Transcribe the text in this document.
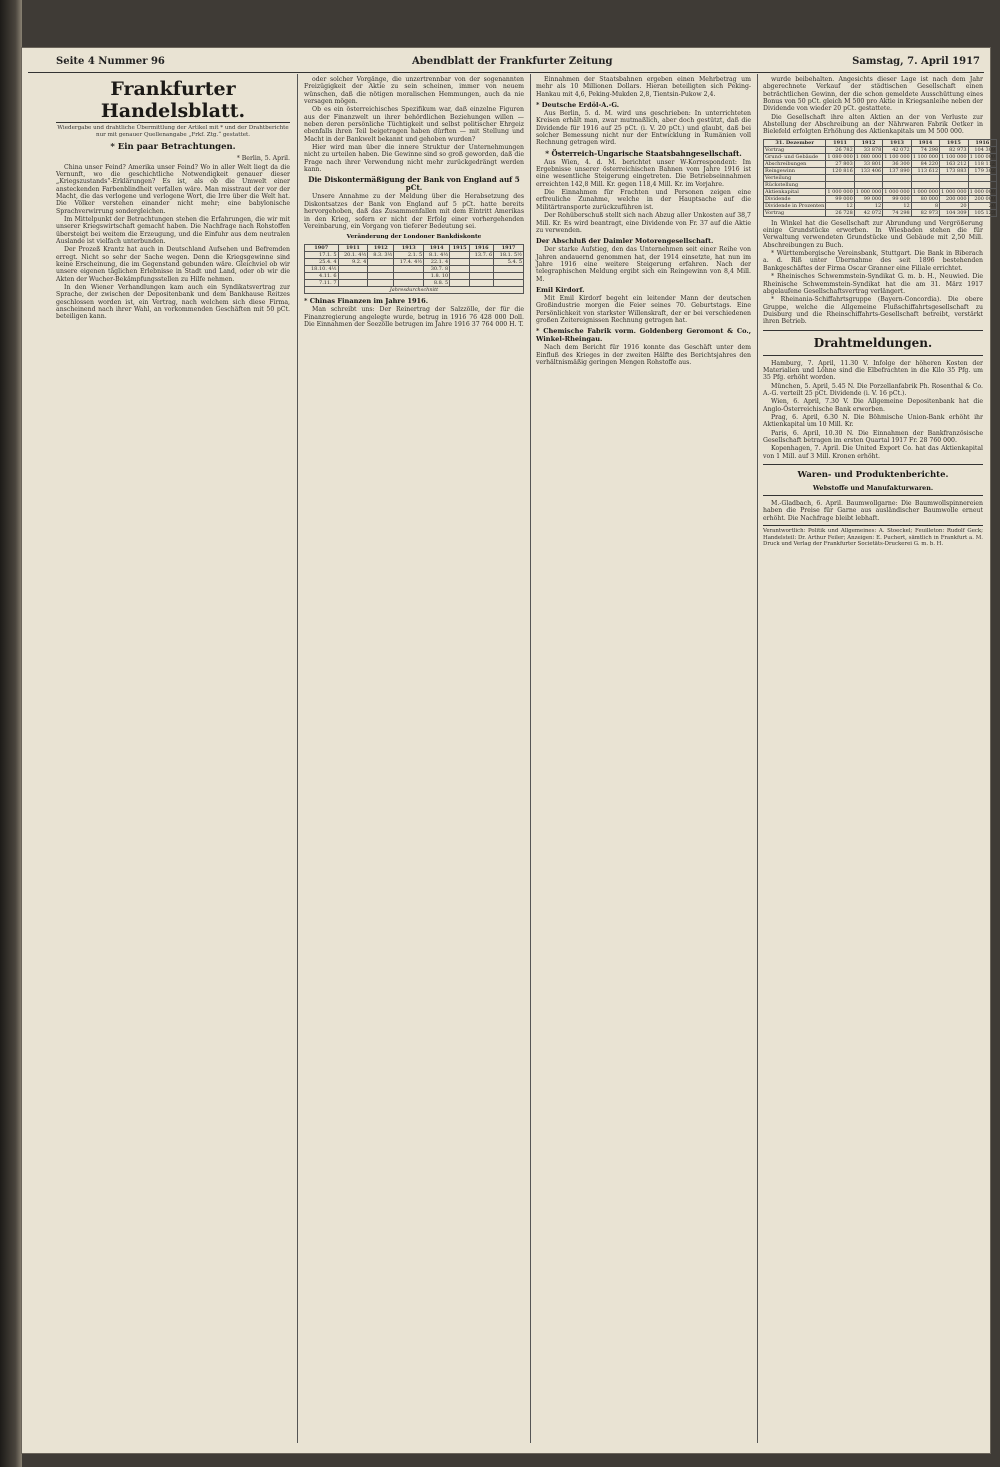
Seite 4 Nummer 96	Abendblatt der Frankfurter Zeitung	Samstag, 7. April 1917
Frankfurter Handelsblatt.
Wiedergabe und drahtliche Übermittlung der Artikel mit * und der Drahtberichte nur mit genauer Quellenangabe „Frkf. Ztg.“ gestattet.
* Ein paar Betrachtungen.
* Berlin, 5. April.

China unser Feind? Amerika unser Feind? Wo in aller Welt liegt da die Vernunft, wo die geschichtliche Notwendigkeit genauer dieser „Kriegszustands“-Erklärungen? Es ist, als ob die Umwelt einer ansteckenden Farbenblindheit verfallen wäre. Man misstraut der vor der Macht, die das verlogene und verlogene Wort, die Irre über die Welt hat. Die Völker verstehen einander nicht mehr; eine babylonische Sprachverwirrung sondergleichen.

Im Mittelpunkt der Betrachtungen stehen die Erfahrungen, die wir mit unserer Kriegswirtschaft gemacht haben. Die Nachfrage nach Rohstoffen übersteigt bei weitem die Erzeugung, und die Einfuhr aus dem neutralen Auslande ist vielfach unterbunden.

Der Prozeß Krantz hat auch in Deutschland Aufsehen und Befremden erregt. Nicht so sehr der Sache wegen. Denn die Kriegsgewinne sind keine Erscheinung, die im Gegenstand gebunden wäre. Gleichviel ob wir unsere eigenen täglichen Erlebnisse in Stadt und Land, oder ob wir die Akten der Wucher-Bekämpfungsstellen zu Hilfe nehmen.

In den Wiener Verhandlungen kam auch ein Syndikatsvertrag zur Sprache, der zwischen der Depositenbank und dem Bankhause Reitzes geschlossen worden ist, ein Vertrag, nach welchem sich diese Firma, anscheinend nach ihrer Wahl, an vorkommenden Geschäften mit 50 pCt. beteiligen kann.

oder solcher Vorgänge, die unzertrennbar von der sogenannten Freizügigkeit der Aktie zu sein scheinen, immer von neuem wünschen, daß die nötigen moralischen Hemmungen, auch da nie versagen mögen.

Ob es ein österreichisches Spezifikum war, daß einzelne Figuren aus der Finanzwelt un ihrer behördlichen Beziehungen willen — neben deren persönliche Tüchtigkeit und selbst politischer Ehrgeiz ebenfalls ihren Teil beigetragen haben dürften — mit Stellung und Macht in der Bankwelt bekannt und gehoben wurden?

Hier wird man über die innere Struktur der Unternehmungen nicht zu urteilen haben. Die Gewinne sind so groß geworden, daß die Frage nach ihrer Verwendung nicht mehr zurückgedrängt werden kann.

Die Diskontermäßigung der Bank von England auf 5 pCt.

Unsere Annahme zu der Meldung über die Herabsetzung des Diskontsatzes der Bank von England auf 5 pCt. hatte bereits hervorgehoben, daß das Zusammenfallen mit dem Eintritt Amerikas in den Krieg, sofern er nicht der Erfolg einer vorhergehenden Vereinbarung, ein Vorgang von tieferer Bedeutung sei.

Veränderung der Londoner Bankdiskonte
1907	1911	1912	1913	1914	1915	1916	1917
17.1. 5	20.1. 4½	8.3. 3½	2.1. 5	8.1. 4½		13.7. 6	18.1. 5½
25.4. 4	9.2. 4		17.4. 4½	22.1. 4			5.4. 5
18.10. 4½				30.7. 8			
4.11. 6				1.8. 10			
7.11. 7				8.8. 5			
Jahresdurchschnitt							
* Chinas Finanzen im Jahre 1916.

Man schreibt uns: Der Reinertrag der Salzzölle, der für die Finanzregierung angelegte wurde, betrug in 1916 76 428 000 Doll. Die Einnahmen der Seezölle betrugen im Jahre 1916 37 764 000 H. T.

Einnahmen der Staatsbahnen ergeben einen Mehrbetrag um mehr als 10 Millionen Dollars. Hieran beteiligten sich Peking-Hankau mit 4,6, Peking-Mukden 2,8, Tientsin-Pukow 2,4.

* Deutsche Erdöl-A.-G.

Aus Berlin, 5. d. M. wird uns geschrieben: In unterrichteten Kreisen erhält man, zwar mutmaßlich, aber doch gestützt, daß die Dividende für 1916 auf 25 pCt. (i. V. 20 pCt.) und glaubt, daß bei solcher Bemessung nicht nur der Entwicklung in Rumänien voll Rechnung getragen wird.

* Österreich-Ungarische Staatsbahngesellschaft.

Aus Wien, 4. d. M. berichtet unser W-Korrespondent: Im Ergebnisse unserer österreichischen Bahnen vom Jahre 1916 ist eine wesentliche Steigerung eingetreten. Die Betriebseinnahmen erreichten 142,8 Mill. Kr. gegen 118,4 Mill. Kr. im Vorjahre.

Die Einnahmen für Frachten und Personen zeigen eine erfreuliche Zunahme, welche in der Hauptsache auf die Militärtransporte zurückzuführen ist.

Der Rohüberschuß stellt sich nach Abzug aller Unkosten auf 38,7 Mill. Kr. Es wird beantragt, eine Dividende von Fr. 37 auf die Aktie zu verwenden.

Der Abschluß der Daimler Motorengesellschaft.

Der starke Aufstieg, den das Unternehmen seit einer Reihe von Jahren andauernd genommen hat, der 1914 einsetzte, hat nun im Jahre 1916 eine weitere Steigerung erfahren. Nach der telegraphischen Meldung ergibt sich ein Reingewinn von 8,4 Mill. M.

Emil Kirdorf.

Mit Emil Kirdorf begeht ein leitender Mann der deutschen Großindustrie morgen die Feier seines 70. Geburtstags. Eine Persönlichkeit von starkster Willenskraft, der er bei verschiedenen großen Zeitereignissen Rechnung getragen hat.

* Chemische Fabrik vorm. Goldenberg Geromont & Co., Winkel-Rheingau.

Nach dem Bericht für 1916 konnte das Geschäft unter dem Einfluß des Krieges in der zweiten Hälfte des Berichtsjahres den verhältnismäßig geringen Mengen Rohstoffe aus.

wurde beibehalten. Angesichts dieser Lage ist nach dem Jahr abgerechnete Verkauf der städtischen Gesellschaft einen beträchtlichen Gewinn, der die schon gemeldete Ausschüttung eines Bonus von 50 pCt. gleich M 500 pro Aktie in Kriegsanleihe neben der Dividende von wieder 20 pCt. gestattete.

Die Gesellschaft ihre alten Aktien an der von Verluste zur Abstellung der Abschreibung an der Nährwaren Fabrik Oetker in Bielefeld erfolgten Erhöhung des Aktienkapitals um M 500 000.

31. Dezember	1911	1912	1913	1914	1915	1916
Vortrag	26 782	33 878	42 072	74 298	82 973	104 309
Grund- und Gebäude	1 080 000	1 080 000	1 100 000	1 100 000	1 100 000	1 100 000
Abschreibungen	27 803	33 801	36 300	84 220	163 212	118 112
Reingewinn	120 816	133 406	137 890	113 612	173 883	179 302
Verteilung						
Rückstellung						
Aktienkapital	1 000 000	1 000 000	1 000 000	1 000 000	1 000 000	1 000 000
Dividende	99 000	99 000	99 000	80 000	200 000	200 000
Dividende in Prozenten	12	12	12	8	20	20
Vortrag	26 728	42 072	74 298	82 973	104 309	105 123

In Winkel hat die Gesellschaft zur Abrundung und Vergrößerung einige Grundstücke erworben. In Wiesbaden stehen die für Verwaltung verwendeten Grundstücke und Gebäude mit 2,50 Mill. Abschreibungen zu Buch.

* Württembergische Vereinsbank, Stuttgart. Die Bank in Biberach a. d. Riß unter Übernahme des seit 1896 bestehenden Bankgeschäftes der Firma Oscar Granner eine Filiale errichtet.

* Rheinisches Schwemmstein-Syndikat G. m. b. H., Neuwied. Die Rheinische Schwemmstein-Syndikat hat die am 31. März 1917 abgelaufene Gesellschaftsvertrag verlängert.

* Rheinania-Schiffahrtsgruppe (Bayern-Concordia). Die obere Gruppe, welche die Allgemeine Flußschiffahrtsgesellschaft zu Duisburg und die Rheinschiffahrts-Gesellschaft betreibt, verstärkt ihren Betrieb.

Drahtmeldungen.

Hamburg, 7. April, 11.30 V. Infolge der höheren Kosten der Materialien und Löhne sind die Elbefrachten in die Kilo 35 Pfg. um 35 Pfg. erhöht worden.

München, 5. April, 5.45 N. Die Porzellanfabrik Ph. Rosenthal & Co. A.-G. verteilt 25 pCt. Dividende (i. V. 16 pCt.).

Wien, 6. April, 7.30 V. Die Allgemeine Depositenbank hat die Anglo-Österreichische Bank erworben.

Prag, 6. April, 6.30 N. Die Böhmische Union-Bank erhöht ihr Aktienkapital um 10 Mill. Kr.

Paris, 6. April, 10.30 N. Die Einnahmen der Bankfranzösische Gesellschaft betragen im ersten Quartal 1917 Fr. 28 760 000.

Kopenhagen, 7. April. Die United Export Co. hat das Aktienkapital von 1 Mill. auf 3 Mill. Kronen erhöht.

Waren- und Produktenberichte.
Webstoffe und Manufakturwaren.

M.-Gladbach, 6. April. Baumwollgarne: Die Baumwollspinnereien haben die Preise für Garne aus ausländischer Baumwolle erneut erhöht. Die Nachfrage bleibt lebhaft.

Verantwortlich: Politik und Allgemeines: A. Stoeckel; Feuilleton: Rudolf Geck; Handelsteil: Dr. Arthur Feiler; Anzeigen: E. Puchert, sämtlich in Frankfurt a. M. Druck und Verlag der Frankfurter Societäts-Druckerei G. m. b. H.
